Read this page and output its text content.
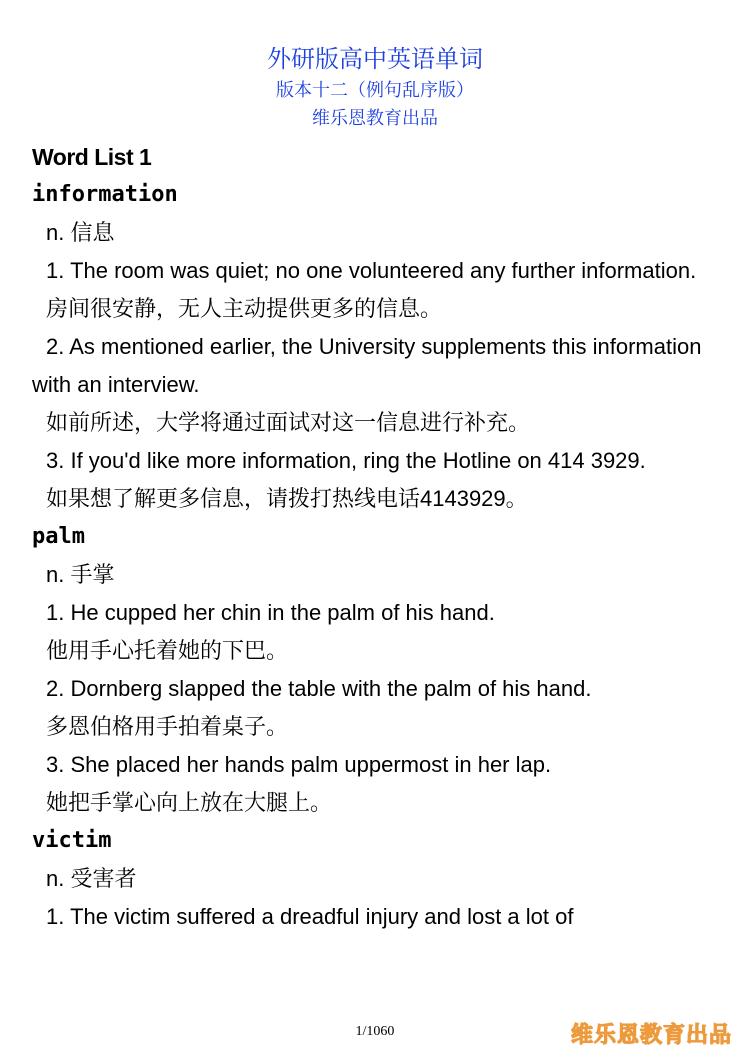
外研版高中英语单词
版本十二（例句乱序版）
维乐恩教育出品
Word List 1
information
n. 信息
1. The room was quiet; no one volunteered any further information.
房间很安静，无人主动提供更多的信息。
2. As mentioned earlier, the University supplements this information with an interview.
如前所述，大学将通过面试对这一信息进行补充。
3. If you'd like more information, ring the Hotline on 414 3929.
如果想了解更多信息，请拨打热线电话4143929。
palm
n. 手掌
1. He cupped her chin in the palm of his hand.
他用手心托着她的下巴。
2. Dornberg slapped the table with the palm of his hand.
多恩伯格用手拍着桌子。
3. She placed her hands palm uppermost in her lap.
她把手掌心向上放在大腿上。
victim
n. 受害者
1. The victim suffered a dreadful injury and lost a lot of
1/1060	维乐恩教育出品
